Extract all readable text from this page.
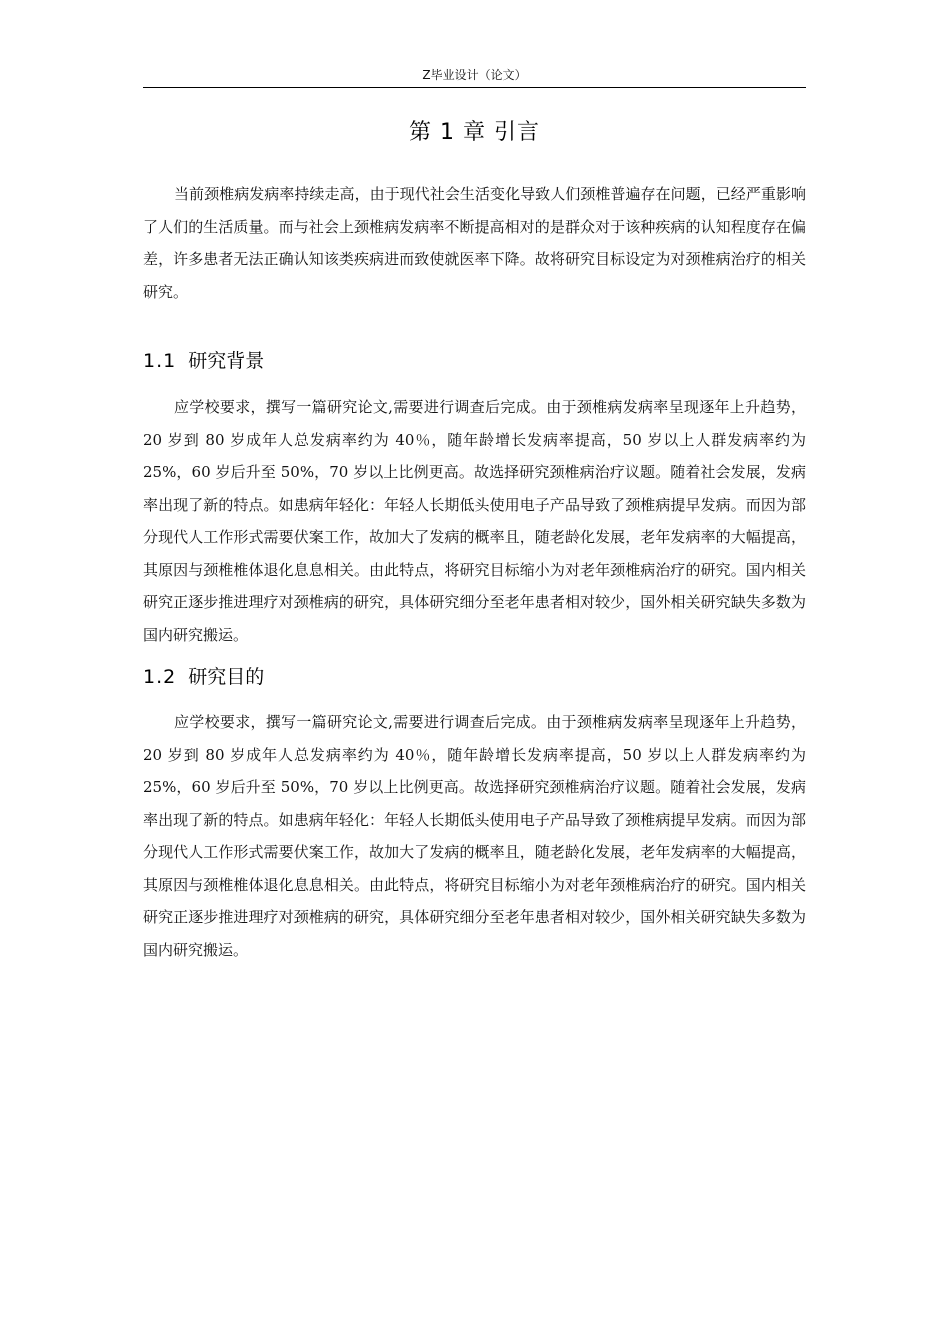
Z毕业设计（论文）
第 1 章 引言

当前颈椎病发病率持续走高，由于现代社会生活变化导致人们颈椎普遍存在问题，已经严重影响了人们的生活质量。而与社会上颈椎病发病率不断提高相对的是群众对于该种疾病的认知程度存在偏差，许多患者无法正确认知该类疾病进而致使就医率下降。故将研究目标设定为对颈椎病治疗的相关研究。

1.1 研究背景

应学校要求，撰写一篇研究论文,需要进行调查后完成。由于颈椎病发病率呈现逐年上升趋势，20 岁到 80 岁成年人总发病率约为 40％，随年龄增长发病率提高，50 岁以上人群发病率约为 25%，60 岁后升至 50%，70 岁以上比例更高。故选择研究颈椎病治疗议题。随着社会发展，发病率出现了新的特点。如患病年轻化：年轻人长期低头使用电子产品导致了颈椎病提早发病。而因为部分现代人工作形式需要伏案工作，故加大了发病的概率且，随老龄化发展，老年发病率的大幅提高，其原因与颈椎椎体退化息息相关。由此特点，将研究目标缩小为对老年颈椎病治疗的研究。国内相关研究正逐步推进理疗对颈椎病的研究，具体研究细分至老年患者相对较少，国外相关研究缺失多数为国内研究搬运。

1.2 研究目的

应学校要求，撰写一篇研究论文,需要进行调查后完成。由于颈椎病发病率呈现逐年上升趋势，20 岁到 80 岁成年人总发病率约为 40％，随年龄增长发病率提高，50 岁以上人群发病率约为 25%，60 岁后升至 50%，70 岁以上比例更高。故选择研究颈椎病治疗议题。随着社会发展，发病率出现了新的特点。如患病年轻化：年轻人长期低头使用电子产品导致了颈椎病提早发病。而因为部分现代人工作形式需要伏案工作，故加大了发病的概率且，随老龄化发展，老年发病率的大幅提高，其原因与颈椎椎体退化息息相关。由此特点，将研究目标缩小为对老年颈椎病治疗的研究。国内相关研究正逐步推进理疗对颈椎病的研究，具体研究细分至老年患者相对较少，国外相关研究缺失多数为国内研究搬运。
